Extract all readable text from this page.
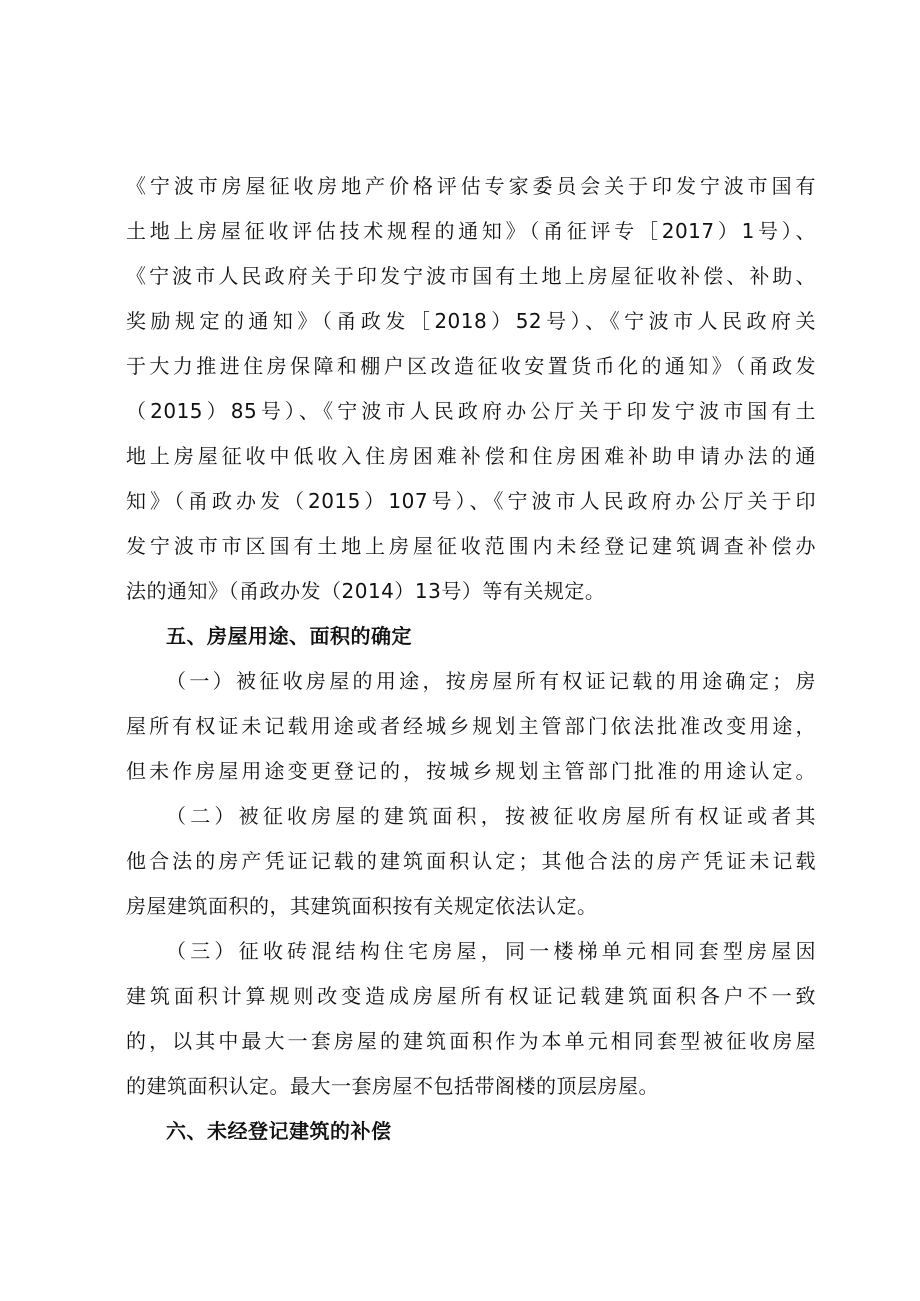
《宁波市房屋征收房地产价格评估专家委员会关于印发宁波市国有
土地上房屋征收评估技术规程的通知》（甬征评专［2017）1号）、
《宁波市人民政府关于印发宁波市国有土地上房屋征收补偿、补助、
奖励规定的通知》（甬政发［2018）52号）、《宁波市人民政府关
于大力推进住房保障和棚户区改造征收安置货币化的通知》（甬政发
（2015）85号）、《宁波市人民政府办公厅关于印发宁波市国有土
地上房屋征收中低收入住房困难补偿和住房困难补助申请办法的通
知》（甬政办发（2015）107号）、《宁波市人民政府办公厅关于印
发宁波市市区国有土地上房屋征收范围内未经登记建筑调查补偿办
法的通知》（甬政办发（2014）13号）等有关规定。
五、房屋用途、面积的确定
（一）被征收房屋的用途，按房屋所有权证记载的用途确定；房
屋所有权证未记载用途或者经城乡规划主管部门依法批准改变用途，
但未作房屋用途变更登记的，按城乡规划主管部门批准的用途认定。
（二）被征收房屋的建筑面积，按被征收房屋所有权证或者其
他合法的房产凭证记载的建筑面积认定；其他合法的房产凭证未记载
房屋建筑面积的，其建筑面积按有关规定依法认定。
（三）征收砖混结构住宅房屋，同一楼梯单元相同套型房屋因
建筑面积计算规则改变造成房屋所有权证记载建筑面积各户不一致
的，以其中最大一套房屋的建筑面积作为本单元相同套型被征收房屋
的建筑面积认定。最大一套房屋不包括带阁楼的顶层房屋。
六、未经登记建筑的补偿
